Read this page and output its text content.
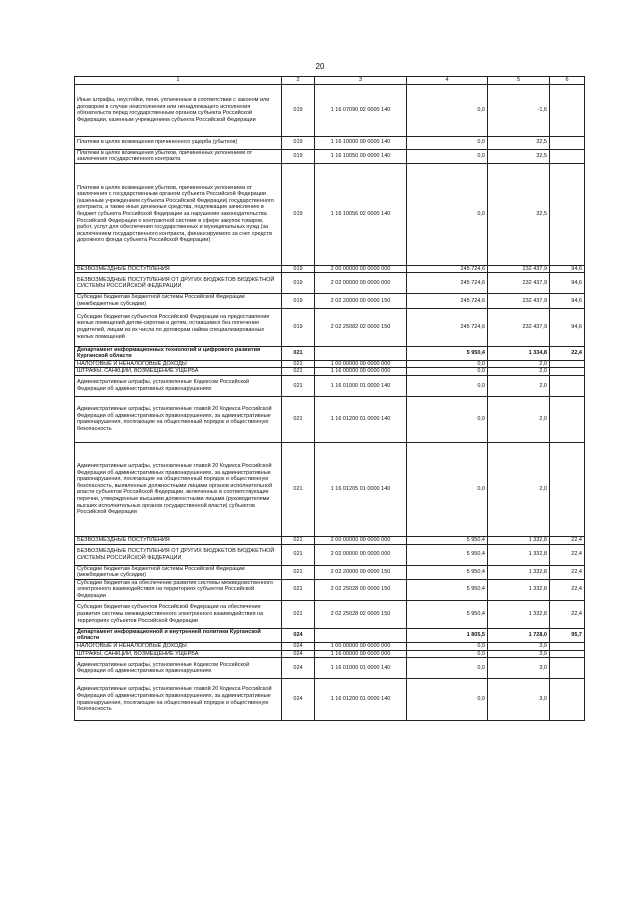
20
1	2	3	4	5	6
Иные штрафы, неустойки, пени, уплаченные в соответствии с законом или договором в случае неисполнения или ненадлежащего исполнения обязательств перед государственным органом субъекта Российской Федерации, казенным учреждением субъекта Российской Федерации	019	1 16 07090 02 0000 140	0,0	-1,6	
Платежи в целях возмещения причиненного ущерба (убытков)	019	1 16 10000 00 0000 140	0,0	32,5	
Платежи в целях возмещения убытков, причиненных уклонением от заключения государственного контракта	019	1 16 10050 00 0000 140	0,0	32,5	
Платежи в целях возмещения убытков, причиненных уклонением от заключения с государственным органом субъекта Российской Федерации (казенным учреждением субъекта Российской Федерации) государственного контракта, а также иные денежные средства, подлежащие зачислению в бюджет субъекта Российской Федерации за нарушение законодательства Российской Федерации о контрактной системе в сфере закупок товаров, работ, услуг для обеспечения государственных и муниципальных нужд (за исключением государственного контракта, финансируемого за счет средств дорожного фонда субъекта Российской Федерации)	019	1 16 10056 02 0000 140	0,0	32,5	
БЕЗВОЗМЕЗДНЫЕ ПОСТУПЛЕНИЯ	019	2 00 00000 00 0000 000	245 724,6	232 437,9	94,6
БЕЗВОЗМЕЗДНЫЕ ПОСТУПЛЕНИЯ ОТ ДРУГИХ БЮДЖЕТОВ БЮДЖЕТНОЙ СИСТЕМЫ РОССИЙСКОЙ ФЕДЕРАЦИИ	019	2 02 00000 00 0000 000	245 724,6	232 437,9	94,6
Субсидии бюджетам бюджетной системы Российской Федерации (межбюджетные субсидии)	019	2 02 20000 00 0000 150	245 724,6	232 437,9	94,6
Субсидии бюджетам субъектов Российской Федерации на предоставление жилых помещений детям-сиротам и детям, оставшимся без попечения родителей, лицам из их числа по договорам найма специализированных жилых помещений	019	2 02 25082 02 0000 150	245 724,6	232 437,9	94,6
Департамент информационных технологий и цифрового развития Курганской области	021		5 950,4	1 334,8	22,4
НАЛОГОВЫЕ И НЕНАЛОГОВЫЕ ДОХОДЫ	021	1 00 00000 00 0000 000	0,0	2,0	
ШТРАФЫ, САНКЦИИ, ВОЗМЕЩЕНИЕ УЩЕРБА	021	1 16 00000 00 0000 000	0,0	2,0	
Административные штрафы, установленные Кодексом Российской Федерации об административных правонарушениях	021	1 16 01000 01 0000 140	0,0	2,0	
Административные штрафы, установленные главой 20 Кодекса Российской Федерации об административных правонарушениях, за административные правонарушения, посягающие на общественный порядок и общественную безопасность	021	1 16 01200 01 0000 140	0,0	2,0	
Административные штрафы, установленные главой 20 Кодекса Российской Федерации об административных правонарушениях, за административные правонарушения, посягающие на общественный порядок и общественную безопасность, выявленные должностными лицами органов исполнительной власти субъектов Российской Федерации, включенных в соответствующие перечни, утвержденные высшими должностными лицами (руководителями высших исполнительных органов государственной власти) субъектов Российской Федерации	021	1 16 01205 01 0000 140	0,0	2,0	
БЕЗВОЗМЕЗДНЫЕ ПОСТУПЛЕНИЯ	021	2 00 00000 00 0000 000	5 950,4	1 332,8	22,4
БЕЗВОЗМЕЗДНЫЕ ПОСТУПЛЕНИЯ ОТ ДРУГИХ БЮДЖЕТОВ БЮДЖЕТНОЙ СИСТЕМЫ РОССИЙСКОЙ ФЕДЕРАЦИИ	021	2 02 00000 00 0000 000	5 950,4	1 332,8	22,4
Субсидии бюджетам бюджетной системы Российской Федерации (межбюджетные субсидии)	021	2 02 20000 00 0000 150	5 950,4	1 332,8	22,4
Субсидии бюджетам на обеспечение развития системы межведомственного электронного взаимодействия на территориях субъектов Российской Федерации	021	2 02 25028 00 0000 150	5 950,4	1 332,8	22,4
Субсидии бюджетам субъектов Российской Федерации на обеспечение развития системы межведомственного электронного взаимодействия на территориях субъектов Российской Федерации	021	2 02 25028 02 0000 150	5 950,4	1 332,8	22,4
Департамент информационной и внутренней политики Курганской области	024		1 805,5	1 728,0	95,7
НАЛОГОВЫЕ И НЕНАЛОГОВЫЕ ДОХОДЫ	024	1 00 00000 00 0000 000	0,0	3,0	
ШТРАФЫ, САНКЦИИ, ВОЗМЕЩЕНИЕ УЩЕРБА	024	1 16 00000 00 0000 000	0,0	3,0	
Административные штрафы, установленные Кодексом Российской Федерации об административных правонарушениях	024	1 16 01000 01 0000 140	0,0	3,0	
Административные штрафы, установленные главой 20 Кодекса Российской Федерации об административных правонарушениях, за административные правонарушения, посягающие на общественный порядок и общественную безопасность	024	1 16 01200 01 0000 140	0,0	3,0	
